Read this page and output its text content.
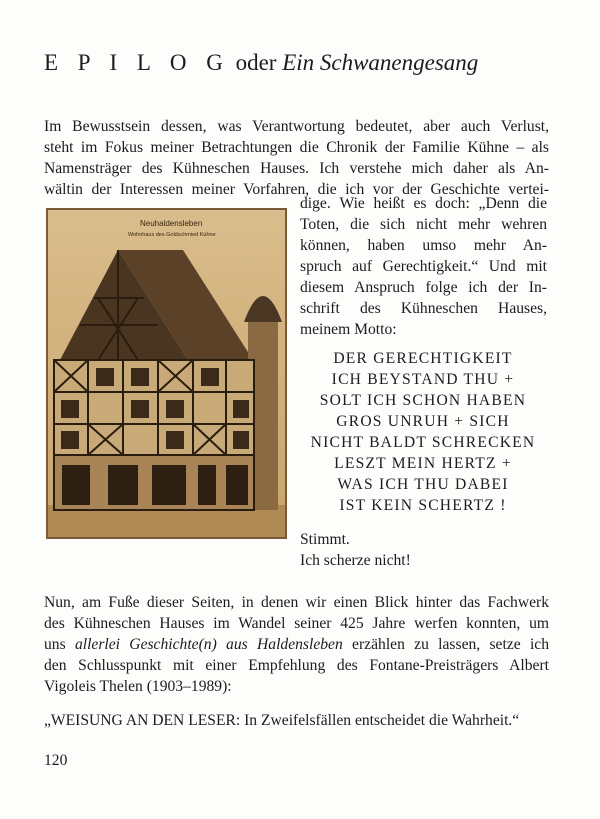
E P I L O G oder Ein Schwanengesang
Im Bewusstsein dessen, was Verantwortung bedeutet, aber auch Verlust,
steht im Fokus meiner Betrachtungen die Chronik der Familie Kühne – als
Namensträger des Kühneschen Hauses. Ich verstehe mich daher als An-
wältin der Interessen meiner Vorfahren, die ich vor der Geschichte vertei-
Neuhaldensleben
Wohnhaus des Goldschmied Kühne
digе. Wie heißt es doch: „Denn die
Toten, die sich nicht mehr wehren
können, haben umso mehr An-
spruch auf Gerechtigkeit.“ Und mit
diesem Anspruch folge ich der In-
schrift des Kühneschen Hauses,
meinem Motto:
DER GERECHTIGKEIT
ICH BEYSTAND THU +
SOLT ICH SCHON HABEN
GROS UNRUH + SICH
NICHT BALDT SCHRECKEN
LESZT MEIN HERTZ +
WAS ICH THU DABEI
IST KEIN SCHERTZ !
Stimmt.
Ich scherze nicht!
Nun, am Fuße dieser Seiten, in denen wir einen Blick hinter das Fachwerk
des Kühneschen Hauses im Wandel seiner 425 Jahre werfen konnten, um
uns allerlei Geschichte(n) aus Haldensleben erzählen zu lassen, setze ich
den Schlusspunkt mit einer Empfehlung des Fontane-Preisträgers Albert
Vigoleis Thelen (1903–1989):
„WEISUNG AN DEN LESER: In Zweifelsfällen entscheidet die Wahrheit.“
120
